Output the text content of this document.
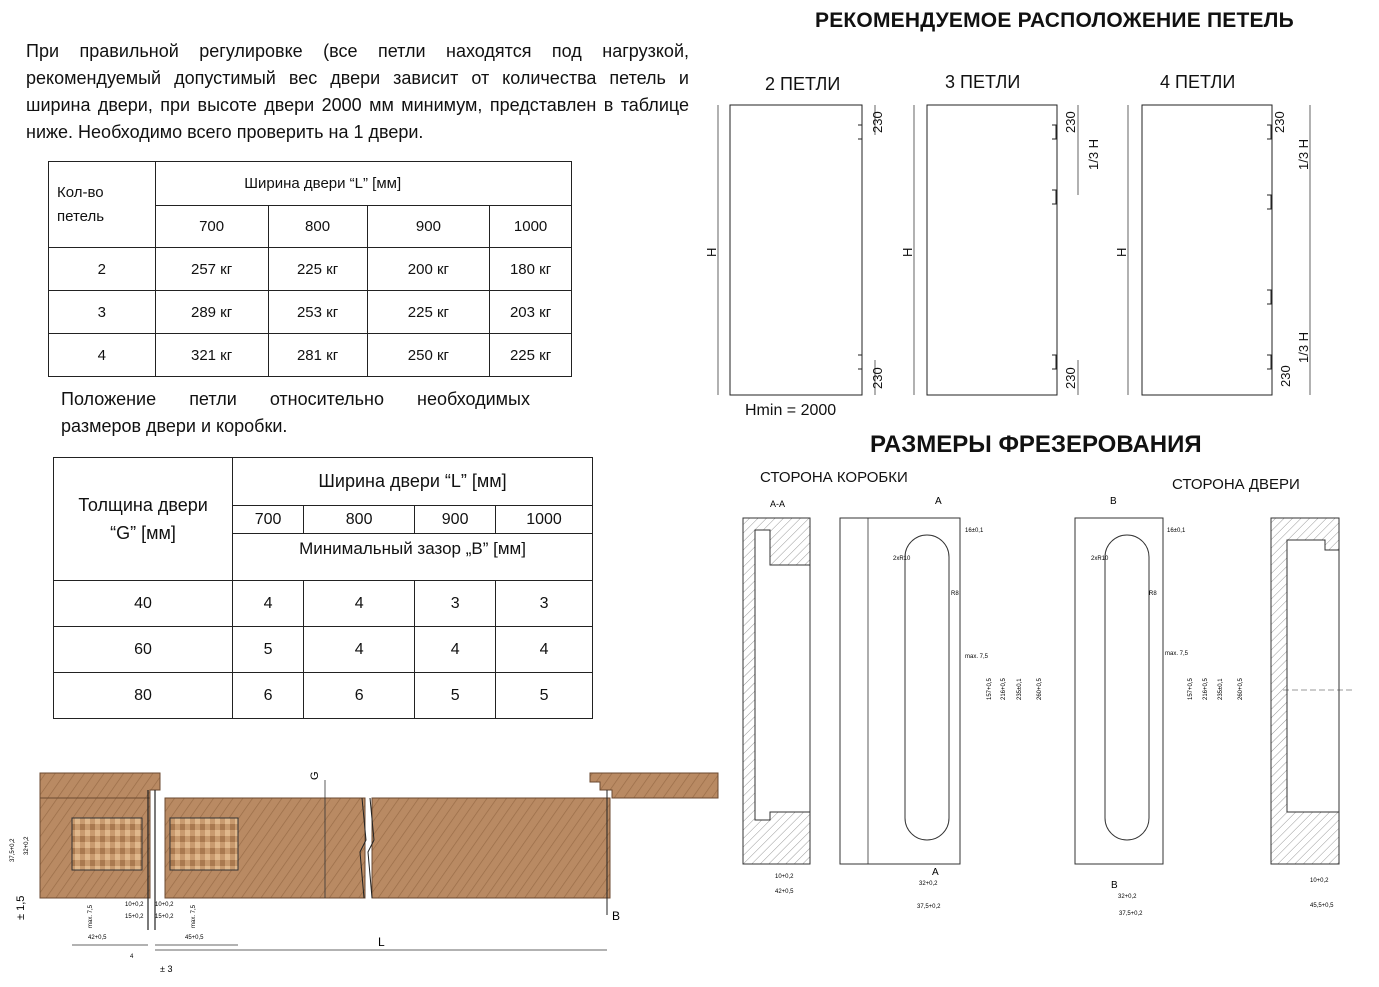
При правильной регулировке (все петли находятся под нагрузкой, рекомендуемый допустимый вес двери зависит от количества петель и ширина двери, при высоте двери 2000 мм минимум, представлен в таблице ниже. Необходимо всего проверить на 1 двери.
Кол-во петель	Ширина двери “L” [мм]			
	700	800	900	1000
2	257 кг	225 кг	200 кг	180 кг
3	289 кг	253 кг	225 кг	203 кг
4	321 кг	281 кг	250 кг	225 кг
Положение петли относительно необходимых размеров двери и коробки.
Толщина двери “G” [мм]	Ширина двери “L” [мм]			
	700	800	900	1000
	Минимальный зазор „B” [мм]			
40	4	4	3	3
60	5	4	4	4
80	6	6	5	5
G
37,5+0,2 32+0,2
± 1,5
42+0,5
max. 7,5	10+0,2
15+0,2
10+0,2
15+0,2	max. 7,5
45+0,5
B
L
4
± 3
РЕКОМЕНДУЕМОЕ РАСПОЛОЖЕНИЕ ПЕТЕЛЬ
2 ПЕТЛИ	3 ПЕТЛИ	4 ПЕТЛИ
230
230
H
230
1/3 H
230
H
230
1/3 H
1/3 H
230
H
Hmin = 2000
РАЗМЕРЫ ФРЕЗЕРОВАНИЯ
СТОРОНА КОРОБКИ	СТОРОНА ДВЕРИ
A-A
10+0,2
42+0,5
A
A
16±0,1
2xR10
R8
max. 7,5
157+0,5 216+0,5 235±0,1 260+0,5
32+0,2
37,5+0,2
B
B
16±0,1
2xR10
R8
max. 7,5
157+0,5 216+0,5 235±0,1 260+0,5
32+0,2
37,5+0,2
10+0,2
45,5+0,5
